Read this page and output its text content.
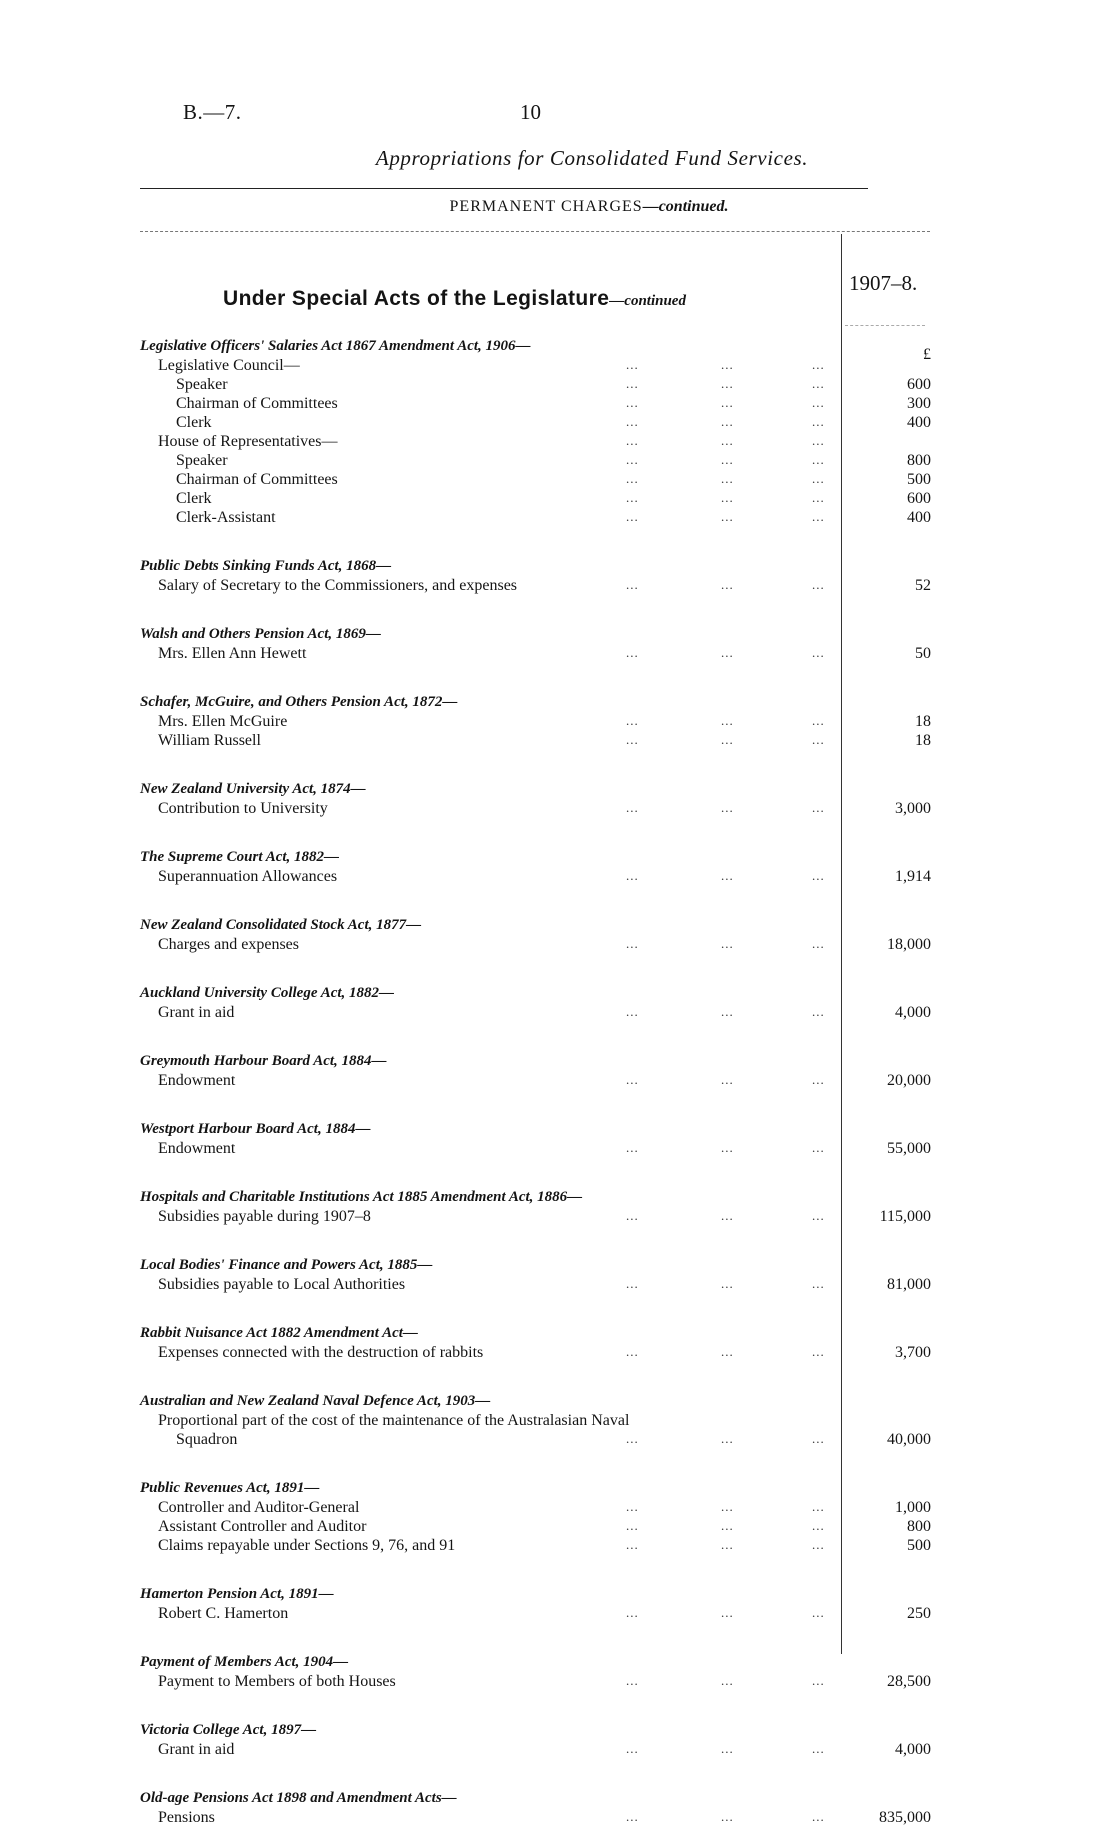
B.—7.	10
Appropriations for Consolidated Fund Services.
PERMANENT CHARGES—continued.
Under Special Acts of the Legislature—continued
1907–8.
£
Legislative Officers' Salaries Act 1867 Amendment Act, 1906—
Legislative Council—	...	...	...
Speaker	...	...	...	600
Chairman of Committees	...	...	...	300
Clerk	...	...	...	400
House of Representatives—	...	...	...
Speaker	...	...	...	800
Chairman of Committees	...	...	...	500
Clerk	...	...	...	600
Clerk-Assistant	...	...	...	400
Public Debts Sinking Funds Act, 1868—
Salary of Secretary to the Commissioners, and expenses	...	...	...	52
Walsh and Others Pension Act, 1869—
Mrs. Ellen Ann Hewett	...	...	...	50
Schafer, McGuire, and Others Pension Act, 1872—
Mrs. Ellen McGuire	...	...	...	18
William Russell	...	...	...	18
New Zealand University Act, 1874—
Contribution to University	...	...	...	3,000
The Supreme Court Act, 1882—
Superannuation Allowances	...	...	...	1,914
New Zealand Consolidated Stock Act, 1877—
Charges and expenses	...	...	...	18,000
Auckland University College Act, 1882—
Grant in aid	...	...	...	4,000
Greymouth Harbour Board Act, 1884—
Endowment	...	...	...	20,000
Westport Harbour Board Act, 1884—
Endowment	...	...	...	55,000
Hospitals and Charitable Institutions Act 1885 Amendment Act, 1886—
Subsidies payable during 1907–8	...	...	...	115,000
Local Bodies' Finance and Powers Act, 1885—
Subsidies payable to Local Authorities	...	...	...	81,000
Rabbit Nuisance Act 1882 Amendment Act—
Expenses connected with the destruction of rabbits	...	...	...	3,700
Australian and New Zealand Naval Defence Act, 1903—
Proportional part of the cost of the maintenance of the Australasian Naval
Squadron	...	...	...	40,000
Public Revenues Act, 1891—
Controller and Auditor-General	...	...	...	1,000
Assistant Controller and Auditor	...	...	...	800
Claims repayable under Sections 9, 76, and 91	...	...	...	500
Hamerton Pension Act, 1891—
Robert C. Hamerton	...	...	...	250
Payment of Members Act, 1904—
Payment to Members of both Houses	...	...	...	28,500
Victoria College Act, 1897—
Grant in aid	...	...	...	4,000
Old-age Pensions Act 1898 and Amendment Acts—
Pensions	...	...	...	835,000
